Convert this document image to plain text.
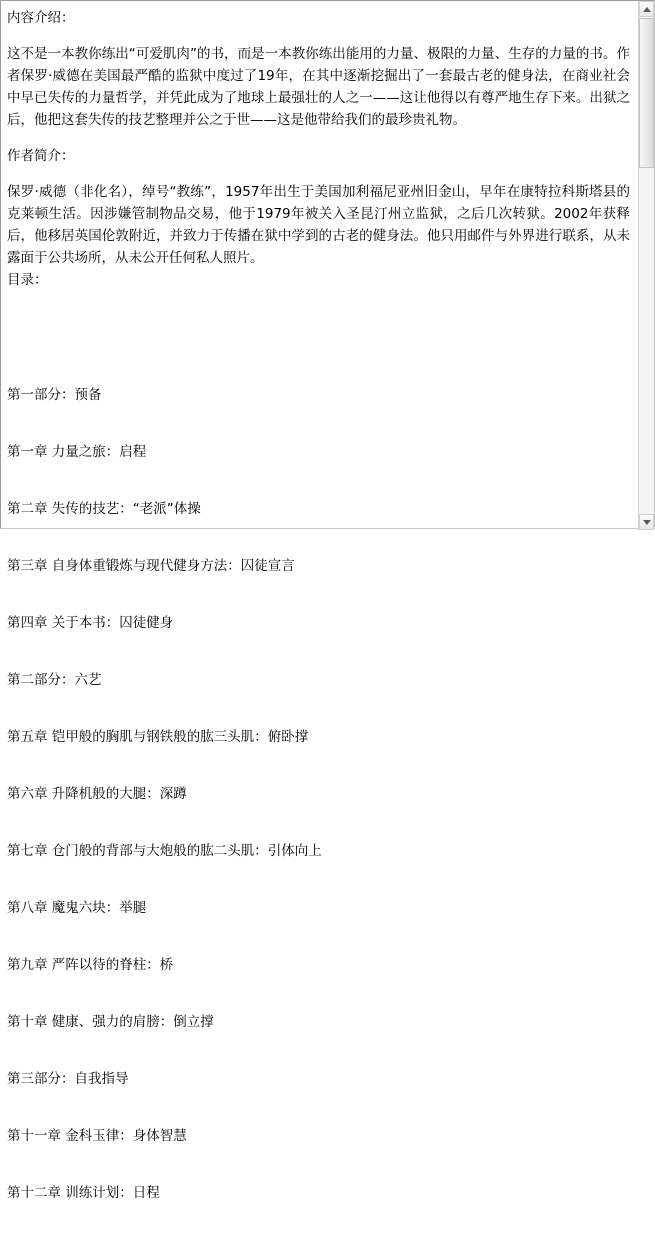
内容介绍：

这不是一本教你练出“可爱肌肉”的书，而是一本教你练出能用的力量、极限的力量、生存的力量的书。作者保罗·威德在美国最严酷的监狱中度过了19年，在其中逐渐挖掘出了一套最古老的健身法，在商业社会中早已失传的力量哲学，并凭此成为了地球上最强壮的人之一——这让他得以有尊严地生存下来。出狱之后，他把这套失传的技艺整理并公之于世——这是他带给我们的最珍贵礼物。

作者简介：

保罗·威德（非化名），绰号“教练”，1957年出生于美国加利福尼亚州旧金山，早年在康特拉科斯塔县的克莱顿生活。因涉嫌管制物品交易，他于1979年被关入圣昆汀州立监狱，之后几次转狱。2002年获释后，他移居英国伦敦附近，并致力于传播在狱中学到的古老的健身法。他只用邮件与外界进行联系，从未露面于公共场所，从未公开任何私人照片。

目录：

第一部分：预备

第一章 力量之旅：启程

第二章 失传的技艺：“老派”体操

第三章 自身体重锻炼与现代健身方法：囚徒宣言

第四章 关于本书：囚徒健身

第二部分：六艺

第五章 铠甲般的胸肌与钢铁般的肱三头肌：俯卧撑

第六章 升降机般的大腿：深蹲

第七章 仓门般的背部与大炮般的肱二头肌：引体向上

第八章 魔鬼六块：举腿

第九章 严阵以待的脊柱：桥

第十章 健康、强力的肩膀：倒立撑

第三部分：自我指导

第十一章 金科玉律：身体智慧

第十二章 训练计划：日程
